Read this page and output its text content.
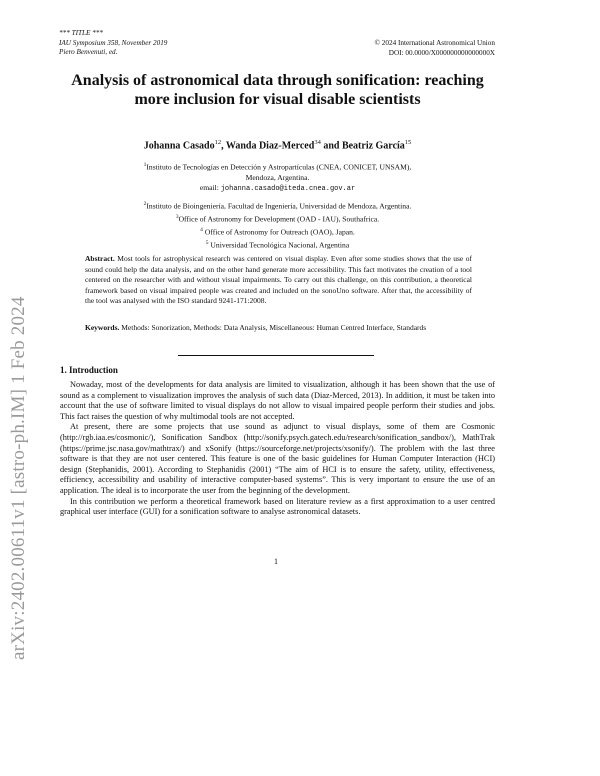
*** TITLE ***
IAU Symposium 358, November 2019
Piero Benvenuti, ed.
© 2024 International Astronomical Union
DOI: 00.0000/X000000000000000X
arXiv:2402.00611v1 [astro-ph.IM] 1 Feb 2024
Analysis of astronomical data through sonification: reaching more inclusion for visual disable scientists
Johanna Casado$^{12}$, Wanda Diaz-Merced$^{34}$ and Beatriz García$^{15}$
$^1$Instituto de Tecnologías en Detección y Astropartículas (CNEA, CONICET, UNSAM),
Mendoza, Argentina.
email: johanna.casado@iteda.cnea.gov.ar
$^2$Instituto de Bioingeniería, Facultad de Ingeniería, Universidad de Mendoza, Argentina.
$^3$Office of Astronomy for Development (OAD - IAU), Southafrica.
$^4$ Office of Astronomy for Outreach (OAO), Japan.
$^5$ Universidad Tecnológica Nacional, Argentina
Abstract. Most tools for astrophysical research was centered on visual display. Even after some studies shows that the use of sound could help the data analysis, and on the other hand generate more accessibility. This fact motivates the creation of a tool centered on the researcher with and without visual impairments. To carry out this challenge, on this contribution, a theoretical framework based on visual impaired people was created and included on the sonoUno software. After that, the accessibility of the tool was analysed with the ISO standard 9241-171:2008.
Keywords. Methods: Sonorization, Methods: Data Analysis, Miscellaneous: Human Centred Interface, Standards
1. Introduction

Nowaday, most of the developments for data analysis are limited to visualization, although it has been shown that the use of sound as a complement to visualization improves the analysis of such data (Diaz-Merced, 2013). In addition, it must be taken into account that the use of software limited to visual displays do not allow to visual impaired people perform their studies and jobs. This fact raises the question of why multimodal tools are not accepted.

At present, there are some projects that use sound as adjunct to visual displays, some of them are Cosmonic (http://rgb.iaa.es/cosmonic/), Sonification Sandbox (http://sonify.psych.gatech.edu/research/sonification_sandbox/), MathTrak (https://prime.jsc.nasa.gov/mathtrax/) and xSonify (https://sourceforge.net/projects/xsonify/). The problem with the last three software is that they are not user centered. This feature is one of the basic guidelines for Human Computer Interaction (HCI) design (Stephanidis, 2001). According to Stephanidis (2001) “The aim of HCI is to ensure the safety, utility, effectiveness, efficiency, accessibility and usability of interactive computer-based systems”. This is very important to ensure the use of an application. The ideal is to incorporate the user from the beginning of the development.

In this contribution we perform a theoretical framework based on literature review as a first approximation to a user centred graphical user interface (GUI) for a sonification software to analyse astronomical datasets.

1
